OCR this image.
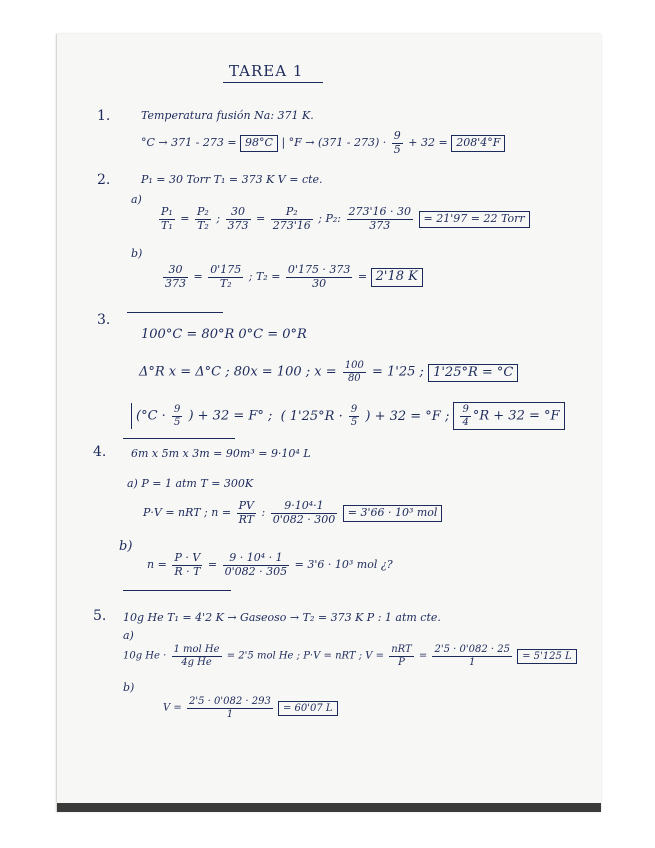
TAREA 1
1.	Temperatura fusión Na: 371 K.
°C → 371 - 273 = 98°C | $^\circ F \to (371 - 273) \cdot \frac{9}{5} + 32 = 208'4^\circ F$
2.	P₁ = 30 Torr T₁ = 373 K V = cte.
a)
$\frac{\text{P₁}}{\text{T₁}} = \frac{\text{P₂}}{\text{T₂}}$ ; $\frac{30}{373} = \frac{\text{P₂}}{273'16}$ ; P₂: $\frac{273'16 \cdot 30}{373} = 21'97 = 22$ Torr
b)
$\frac{30}{373} = \frac{0'175}{\text{T₂}}$ ; $T_2 = \frac{0'175 \cdot 373}{30} = 2'18$ K
3.
100°C = 80°R 0°C = 0°R
Δ°R x = Δ°C ; 80x = 100 ; $x = \frac{100}{80} = 1'25$ ; 1'25°R = °C
($^\circ C \cdot \frac{9}{5}$ ) + 32 = F° ; ( $1'25^\circ R \cdot \frac{9}{5}$ ) + 32 = °F ; $\frac{9}{4} ^\circ R + 32 = ^\circ F$
4. 6m x 5m x 3m = 90m³ = 9·10⁴ L
a) P = 1 atm T = 300K
P·V = nRT ; $n = \frac{PV}{RT}$ : $\frac{\text{9·10⁴·1}}{0'082 \cdot 300} = 3'66 \cdot 10^3$ mol
b)
$n = \frac{P \cdot V}{R \cdot T} = \frac{\text{9 · 10⁴ · 1}}{0'082 \cdot 305} = 3'6 \cdot 10^3$ mol ¿?
5. 10g He T₁ = 4'2 K → Gaseoso → T₂ = 373 K P : 1 atm cte.
a)
10g $He \cdot \frac{\text{1 mol He}}{\text{4g He}} = 2'5$ mol He ; P·V = nRT ; $V = \frac{\text{nRT}}{P} = \frac{2'5 \cdot 0'082 \cdot 25}{1} = 5'125$ L
b)
$V = \frac{2'5 \cdot 0'082 \cdot 293}{1} = 60'07$ L
